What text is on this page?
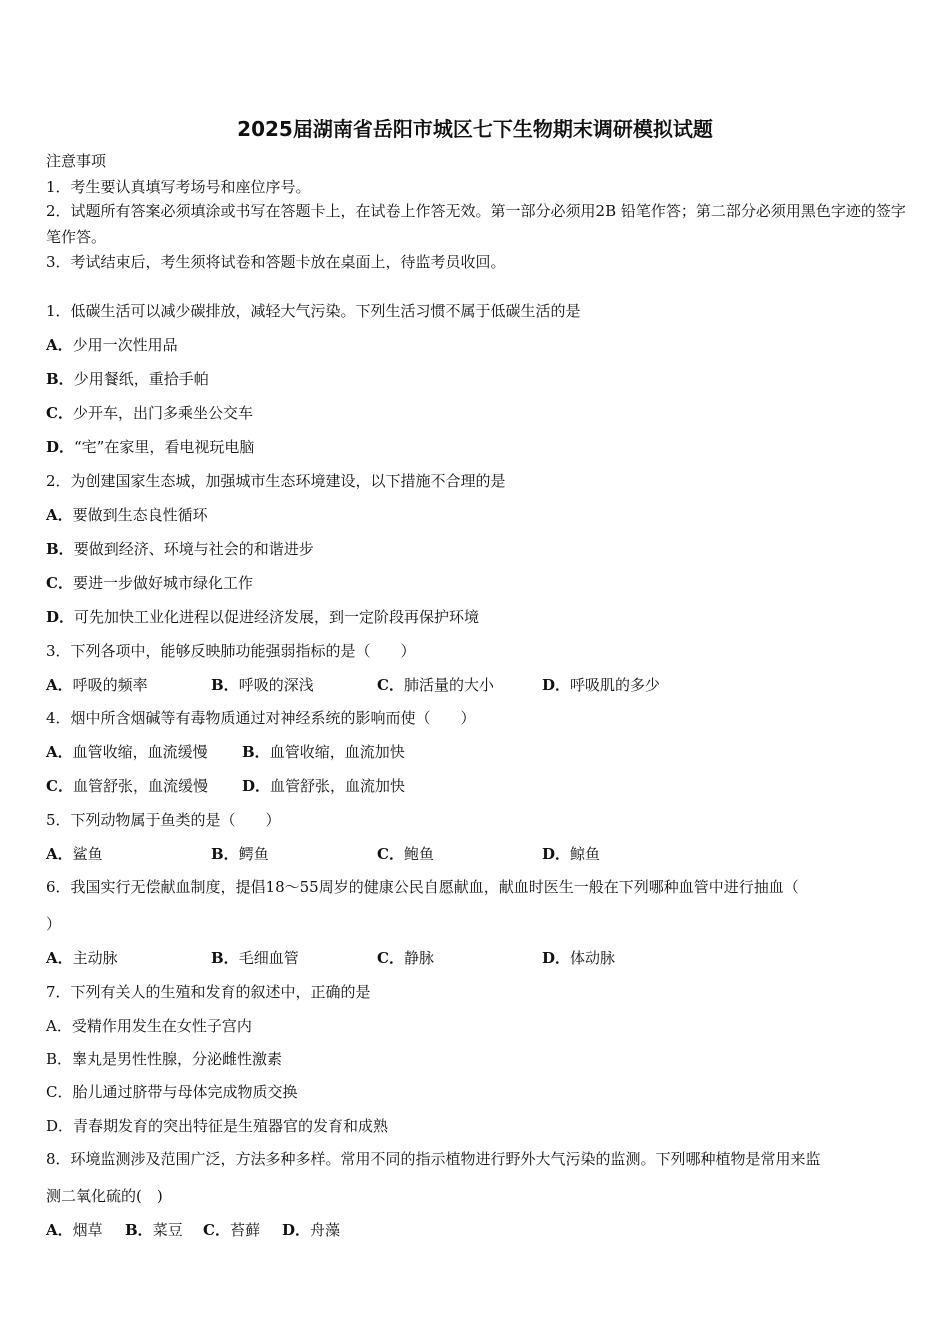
2025届湖南省岳阳市城区七下生物期末调研模拟试题
注意事项
1．考生要认真填写考场号和座位序号。
2．试题所有答案必须填涂或书写在答题卡上，在试卷上作答无效。第一部分必须用2B 铅笔作答；第二部分必须用黑色字迹的签字笔作答。
3．考试结束后，考生须将试卷和答题卡放在桌面上，待监考员收回。
1．低碳生活可以减少碳排放，减轻大气污染。下列生活习惯不属于低碳生活的是
A．少用一次性用品
B．少用餐纸，重拾手帕
C．少开车，出门多乘坐公交车
D．“宅”在家里，看电视玩电脑
2．为创建国家生态城，加强城市生态环境建设，以下措施不合理的是
A．要做到生态良性循环
B．要做到经济、环境与社会的和谐进步
C．要进一步做好城市绿化工作
D．可先加快工业化进程以促进经济发展，到一定阶段再保护环境
3．下列各项中，能够反映肺功能强弱指标的是（　　）
A．呼吸的频率	B．呼吸的深浅	C．肺活量的大小	D．呼吸肌的多少
4．烟中所含烟碱等有毒物质通过对神经系统的影响而使（　　）
A．血管收缩，血流缓慢 B．血管收缩，血流加快
C．血管舒张，血流缓慢 D．血管舒张，血流加快
5．下列动物属于鱼类的是（　　）
A．鲨鱼	B．鳄鱼	C．鲍鱼	D．鲸鱼
6．我国实行无偿献血制度，提倡18～55周岁的健康公民自愿献血，献血时医生一般在下列哪种血管中进行抽血（
）
A．主动脉	B．毛细血管	C．静脉	D．体动脉
7．下列有关人的生殖和发育的叙述中，正确的是
A．受精作用发生在女性子宫内
B．睾丸是男性性腺，分泌雌性激素
C．胎儿通过脐带与母体完成物质交换
D．青春期发育的突出特征是生殖器官的发育和成熟
8．环境监测涉及范围广泛，方法多种多样。常用不同的指示植物进行野外大气污染的监测。下列哪种植物是常用来监
测二氧化硫的(　)
A．烟草 B．菜豆 C．苔藓 D．舟藻
